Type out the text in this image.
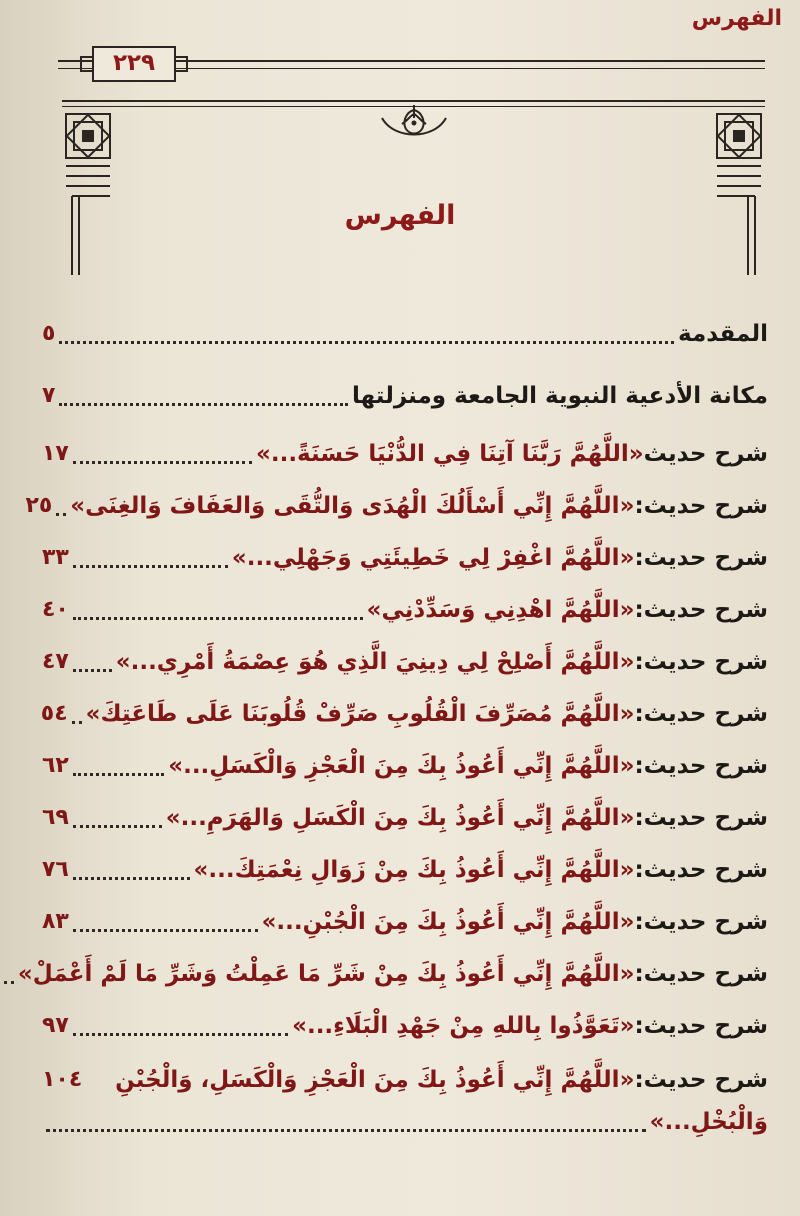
الفهرس
٢٢٩
الفهرس
المقدمة
٥
مكانة الأدعية النبوية الجامعة ومنزلتها
٧
شرح حديث
«اللَّهُمَّ رَبَّنَا آتِنَا فِي الدُّنْيَا حَسَنَةً...»
١٧
شرح حديث:
«اللَّهُمَّ إِنِّي أَسْأَلُكَ الْهُدَى وَالتُّقَى وَالعَفَافَ وَالغِنَى»
٢٥
شرح حديث:
«اللَّهُمَّ اغْفِرْ لِي خَطِيئَتِي وَجَهْلِي...»
٣٣
شرح حديث:
«اللَّهُمَّ اهْدِنِي وَسَدِّدْنِي»
٤٠
شرح حديث:
«اللَّهُمَّ أَصْلِحْ لِي دِينِيَ الَّذِي هُوَ عِصْمَةُ أَمْرِي...»
٤٧
شرح حديث:
«اللَّهُمَّ مُصَرِّفَ الْقُلُوبِ صَرِّفْ قُلُوبَنَا عَلَى طَاعَتِكَ»
٥٤
شرح حديث:
«اللَّهُمَّ إِنِّي أَعُوذُ بِكَ مِنَ الْعَجْزِ وَالْكَسَلِ...»
٦٢
شرح حديث:
«اللَّهُمَّ إِنِّي أَعُوذُ بِكَ مِنَ الْكَسَلِ وَالهَرَمِ...»
٦٩
شرح حديث:
«اللَّهُمَّ إِنِّي أَعُوذُ بِكَ مِنْ زَوَالِ نِعْمَتِكَ...»
٧٦
شرح حديث:
«اللَّهُمَّ إِنِّي أَعُوذُ بِكَ مِنَ الْجُبْنِ...»
٨٣
شرح حديث:
«اللَّهُمَّ إِنِّي أَعُوذُ بِكَ مِنْ شَرِّ مَا عَمِلْتُ وَشَرِّ مَا لَمْ أَعْمَلْ»
شرح حديث:
«تَعَوَّذُوا بِاللهِ مِنْ جَهْدِ الْبَلَاءِ...»
٩٧
شرح حديث:
«اللَّهُمَّ إِنِّي أَعُوذُ بِكَ مِنَ الْعَجْزِ وَالْكَسَلِ، وَالْجُبْنِ
١٠٤
وَالْبُخْلِ...»
